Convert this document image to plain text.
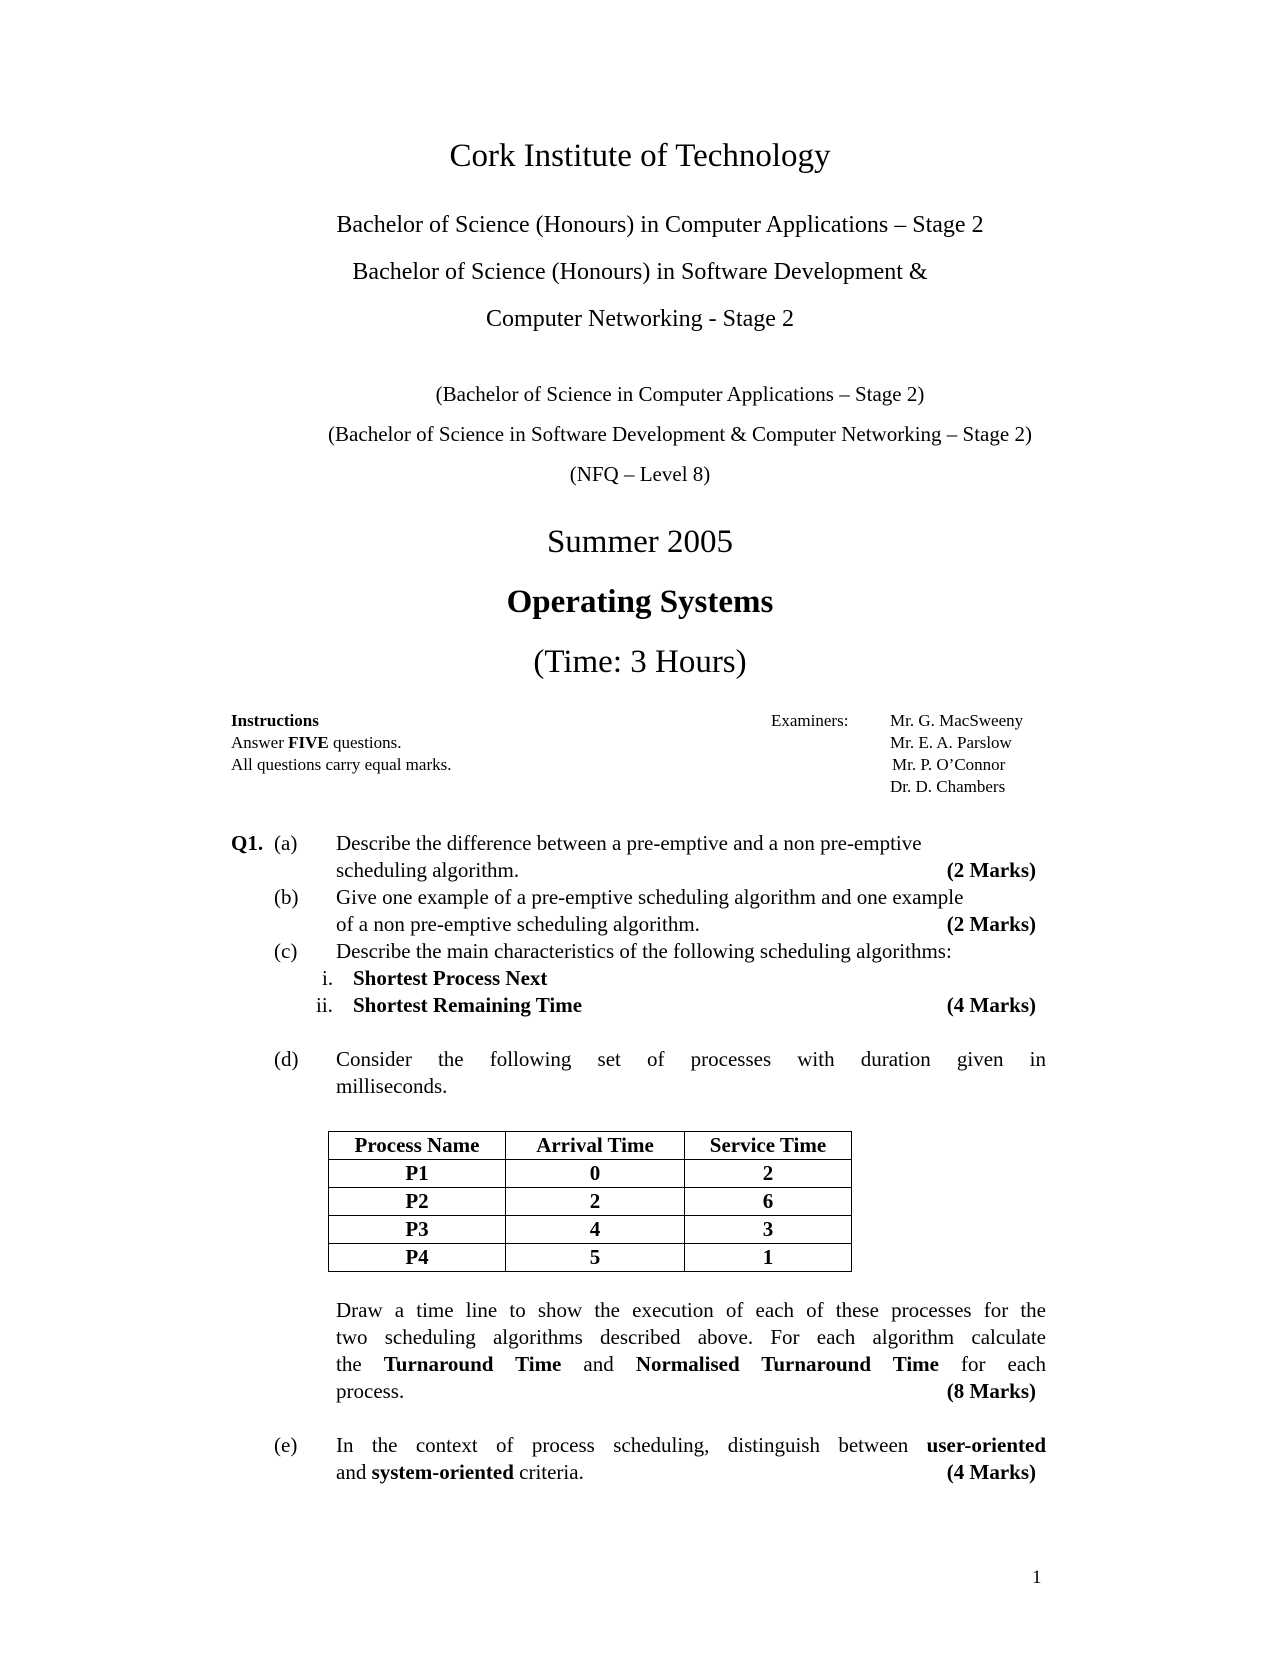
Cork Institute of Technology
Bachelor of Science (Honours) in Computer Applications – Stage 2
Bachelor of Science (Honours) in Software Development &
Computer Networking - Stage 2
(Bachelor of Science in Computer Applications – Stage 2)
(Bachelor of Science in Software Development & Computer Networking – Stage 2)
(NFQ – Level 8)
Summer 2005
Operating Systems
(Time: 3 Hours)
Instructions
Answer FIVE questions.
All questions carry equal marks.
Examiners: Mr. G. MacSweeny
Mr. E. A. Parslow
Mr. P. O’Connor
Dr. D. Chambers
Q1. (a) Describe the difference between a pre-emptive and a non pre-emptive
scheduling algorithm.	(2 Marks)
(b) Give one example of a pre-emptive scheduling algorithm and one example
of a non pre-emptive scheduling algorithm.	(2 Marks)
(c) Describe the main characteristics of the following scheduling algorithms:
i. Shortest Process Next
ii. Shortest Remaining Time	(4 Marks)
(d) Consider the following set of processes with duration given in
milliseconds.
Process Name	Arrival Time	Service Time
P1	0	2
P2	2	6
P3	4	3
P4	5	1
Draw a time line to show the execution of each of these processes for the
two scheduling algorithms described above. For each algorithm calculate
the Turnaround Time and Normalised Turnaround Time for each
process.	(8 Marks)
(e) In the context of process scheduling, distinguish between user-oriented
and system-oriented criteria.	(4 Marks)
1
